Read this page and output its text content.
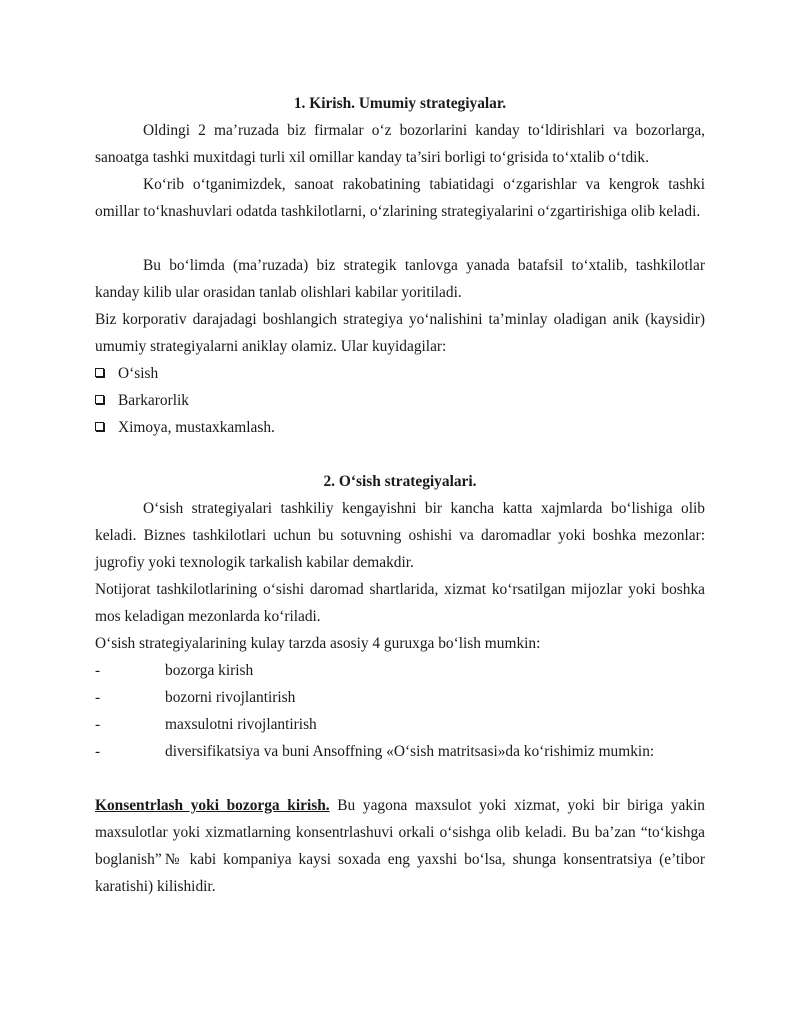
1. Kirish. Umumiy strategiyalar.

Oldingi 2 ma’ruzada biz firmalar o‘z bozorlarini kanday to‘ldirishlari va bozorlarga, sanoatga tashki muxitdagi turli xil omillar kanday ta’siri borligi to‘grisida to‘xtalib o‘tdik.

Ko‘rib o‘tganimizdek, sanoat rakobatining tabiatidagi o‘zgarishlar va kengrok tashki omillar to‘knashuvlari odatda tashkilotlarni, o‘zlarining strategiyalarini o‘zgartirishiga olib keladi.

Bu bo‘limda (ma’ruzada) biz strategik tanlovga yanada batafsil to‘xtalib, tashkilotlar kanday kilib ular orasidan tanlab olishlari kabilar yoritiladi.

Biz korporativ darajadagi boshlangich strategiya yo‘nalishini ta’minlay oladigan anik (kaysidir) umumiy strategiyalarni aniklay olamiz. Ular kuyidagilar:

O‘sish
Barkarorlik
Ximoya, mustaxkamlash.
2. O‘sish strategiyalari.

O‘sish strategiyalari tashkiliy kengayishni bir kancha katta xajmlarda bo‘lishiga olib keladi. Biznes tashkilotlari uchun bu sotuvning oshishi va daromadlar yoki boshka mezonlar: jugrofiy yoki texnologik tarkalish kabilar demakdir.

Notijorat tashkilotlarining o‘sishi daromad shartlarida, xizmat ko‘rsatilgan mijozlar yoki boshka mos keladigan mezonlarda ko‘riladi.

O‘sish strategiyalarining kulay tarzda asosiy 4 guruxga bo‘lish mumkin:

-	bozorga kirish
-	bozorni rivojlantirish
-	maxsulotni rivojlantirish
-	diversifikatsiya va buni Ansoffning «O‘sish matritsasi»da ko‘rishimiz mumkin:

Konsentrlash yoki bozorga kirish. Bu yagona maxsulot yoki xizmat, yoki bir biriga yakin maxsulotlar yoki xizmatlarning konsentrlashuvi orkali o‘sishga olib keladi. Bu ba’zan “to‘kishga boglanish”№ kabi kompaniya kaysi soxada eng yaxshi bo‘lsa, shunga konsentratsiya (e’tibor karatishi) kilishidir.
